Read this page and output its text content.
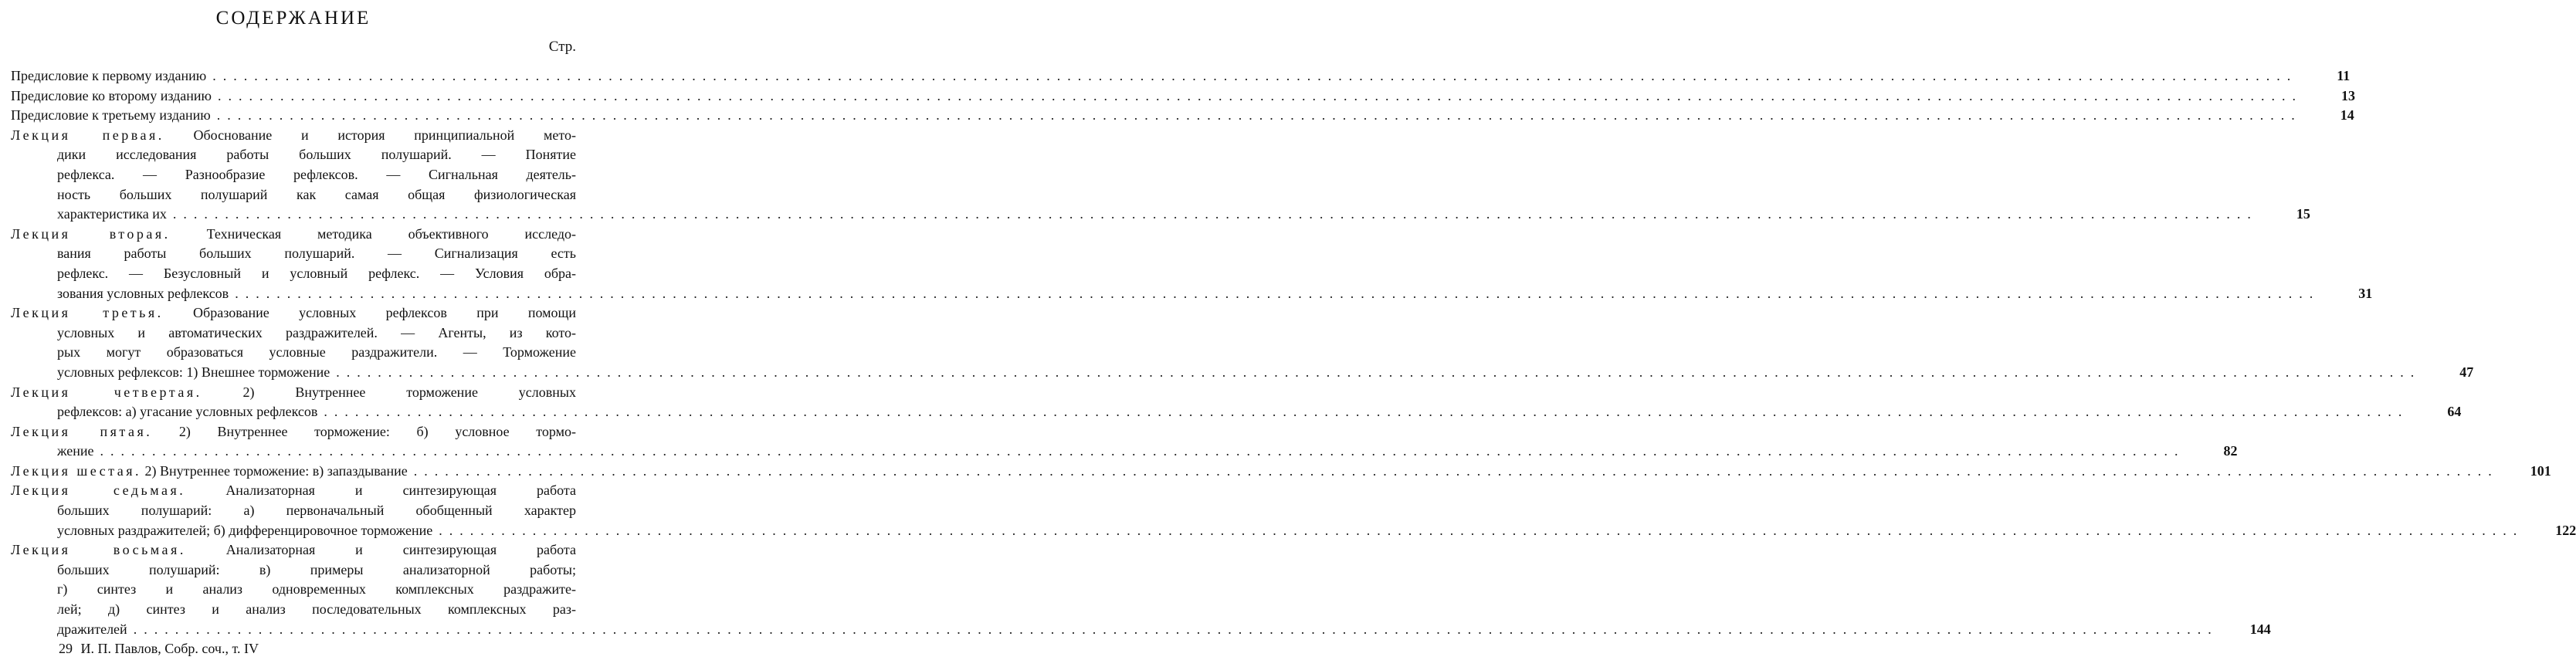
СОДЕРЖАНИЕ
Стр.
Предисловие к первому изданию ........................................................................................................................................................................................................	11
Предисловие ко второму изданию ........................................................................................................................................................................................................	13
Предисловие к третьему изданию ........................................................................................................................................................................................................	14
Лекция первая. Обоснование и история принципиальной мето-
дики исследования работы больших полушарий. — Понятие
рефлекса. — Разнообразие рефлексов. — Сигнальная деятель-
ность больших полушарий как самая общая физиологическая
характеристика их ........................................................................................................................................................................................................	15
Лекция вторая.	Техническая методика объективного исследо-
вания работы больших полушарий. — Сигнализация есть
рефлекс. — Безусловный и условный рефлекс. — Условия обра-
зования условных рефлексов ........................................................................................................................................................................................................	31
Лекция третья. Образование условных рефлексов при помощи
условных и автоматических раздражителей. — Агенты, из кото-
рых могут образоваться условные раздражители. — Торможение
условных рефлексов: 1) Внешнее торможение ........................................................................................................................................................................................................	47
Лекция четвертая.	2) Внутреннее торможение условных
рефлексов: а) угасание условных рефлексов ........................................................................................................................................................................................................	64
Лекция пятая. 2) Внутреннее торможение: б) условное тормо-
жение ........................................................................................................................................................................................................	82
Лекция шестая. 2) Внутреннее торможение: в) запаздывание ........................................................................................................................................................................................................	101
Лекция седьмая.	Анализаторная и синтезирующая работа
больших полушарий: а) первоначальный обобщенный характер
условных раздражителей; б) дифференцировочное торможение ........................................................................................................................................................................................................	122
Лекция восьмая.	Анализаторная и синтезирующая работа
больших полушарий: в) примеры анализаторной работы;
г) синтез и анализ одновременных комплексных раздражите-
лей; д) синтез и анализ последовательных комплексных раз-
дражителей ........................................................................................................................................................................................................	144
29 И. П. Павлов, Собр. соч., т. IV
